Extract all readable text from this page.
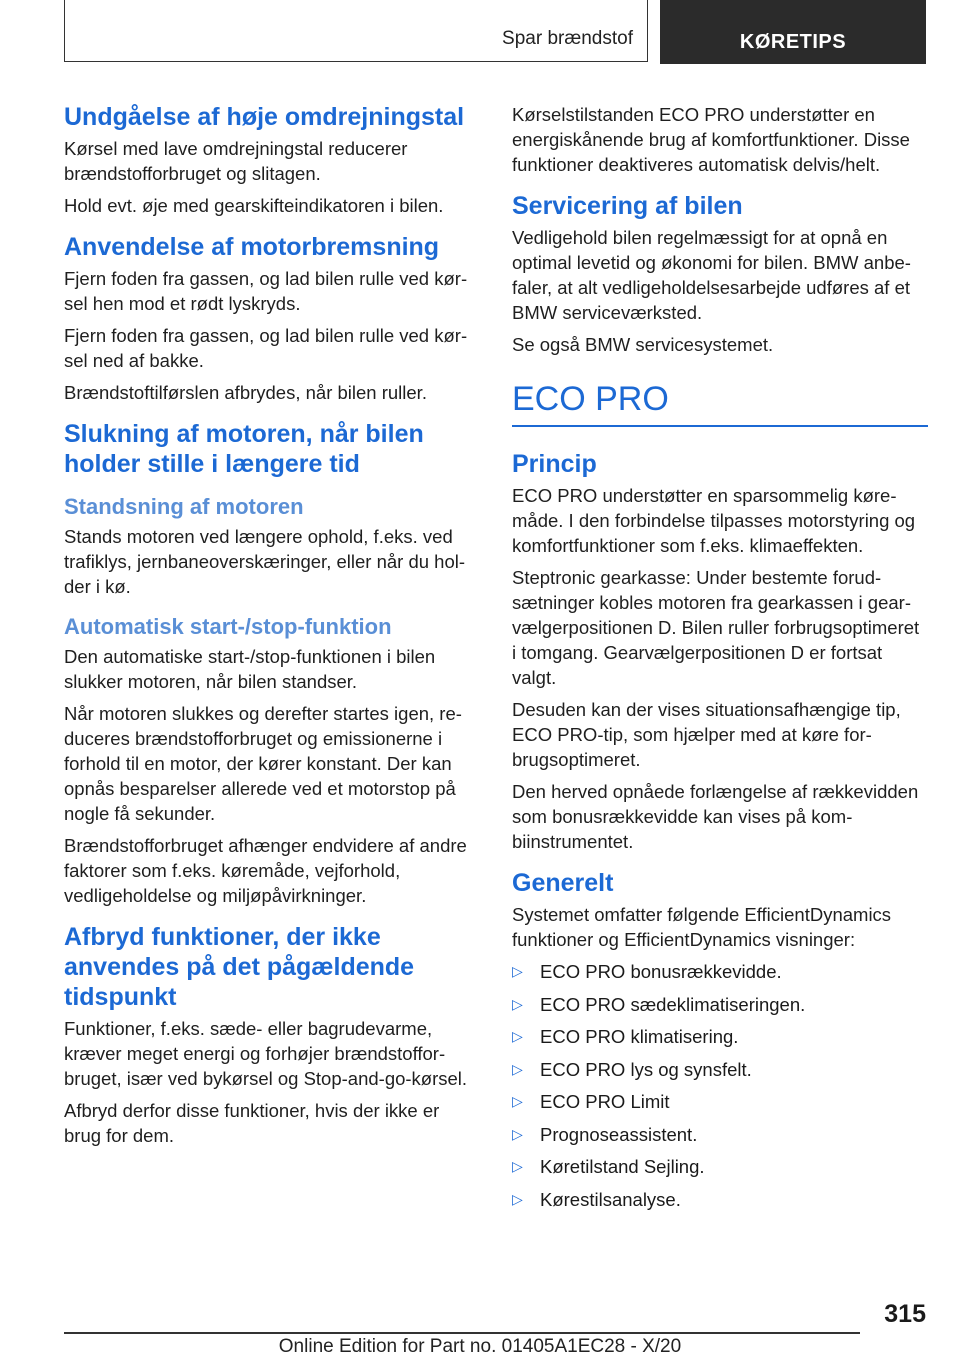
Spar brændstof	KØRETIPS
Undgåelse af høje omdrejningstal
Kørsel med lave omdrejningstal reducerer brændstofforbruget og slitagen.
Hold evt. øje med gearskifteindikatoren i bilen.
Anvendelse af motorbremsning
Fjern foden fra gassen, og lad bilen rulle ved kørsel hen mod et rødt lyskryds.
Fjern foden fra gassen, og lad bilen rulle ved kørsel ned af bakke.
Brændstoftilførslen afbrydes, når bilen ruller.
Slukning af motoren, når bilen holder stille i længere tid
Standsning af motoren
Stands motoren ved længere ophold, f.eks. ved trafiklys, jernbaneoverskæringer, eller når du holder i kø.
Automatisk start-/stop-funktion
Den automatiske start-/stop-funktionen i bilen slukker motoren, når bilen standser.
Når motoren slukkes og derefter startes igen, reduceres brændstofforbruget og emissionerne i forhold til en motor, der kører konstant. Der kan opnås besparelser allerede ved et motorstop på nogle få sekunder.
Brændstofforbruget afhænger endvidere af andre faktorer som f.eks. køremåde, vejforhold, vedligeholdelse og miljøpåvirkninger.
Afbryd funktioner, der ikke anvendes på det pågældende tidspunkt
Funktioner, f.eks. sæde- eller bagrudevarme, kræver meget energi og forhøjer brændstofforbruget, især ved bykørsel og Stop-and-go-kørsel.
Afbryd derfor disse funktioner, hvis der ikke er brug for dem.
Kørselstilstanden ECO PRO understøtter en energiskånende brug af komfortfunktioner. Disse funktioner deaktiveres automatisk delvis/helt.
Servicering af bilen
Vedligehold bilen regelmæssigt for at opnå en optimal levetid og økonomi for bilen. BMW anbefaler, at alt vedligeholdelsesarbejde udføres af et BMW serviceværksted.
Se også BMW servicesystemet.
ECO PRO
Princip
ECO PRO understøtter en sparsommelig køremåde. I den forbindelse tilpasses motorstyring og komfortfunktioner som f.eks. klimaeffekten.
Steptronic gearkasse: Under bestemte forudsætninger kobles motoren fra gearkassen i gearvælgerpositionen D. Bilen ruller forbrugsoptimeret i tomgang. Gearvælgerpositionen D er fortsat valgt.
Desuden kan der vises situationsafhængige tip, ECO PRO-tip, som hjælper med at køre forbrugsoptimeret.
Den herved opnåede forlængelse af rækkevidden som bonusrækkevidde kan vises på kombiinstrumentet.
Generelt
Systemet omfatter følgende EfficientDynamics funktioner og EfficientDynamics visninger:
▷ ECO PRO bonusrækkevidde.
▷ ECO PRO sædeklimatiseringen.
▷ ECO PRO klimatisering.
▷ ECO PRO lys og synsfelt.
▷ ECO PRO Limit
▷ Prognoseassistent.
▷ Køretilstand Sejling.
▷ Kørestilsanalyse.
315
Online Edition for Part no. 01405A1EC28 - X/20
